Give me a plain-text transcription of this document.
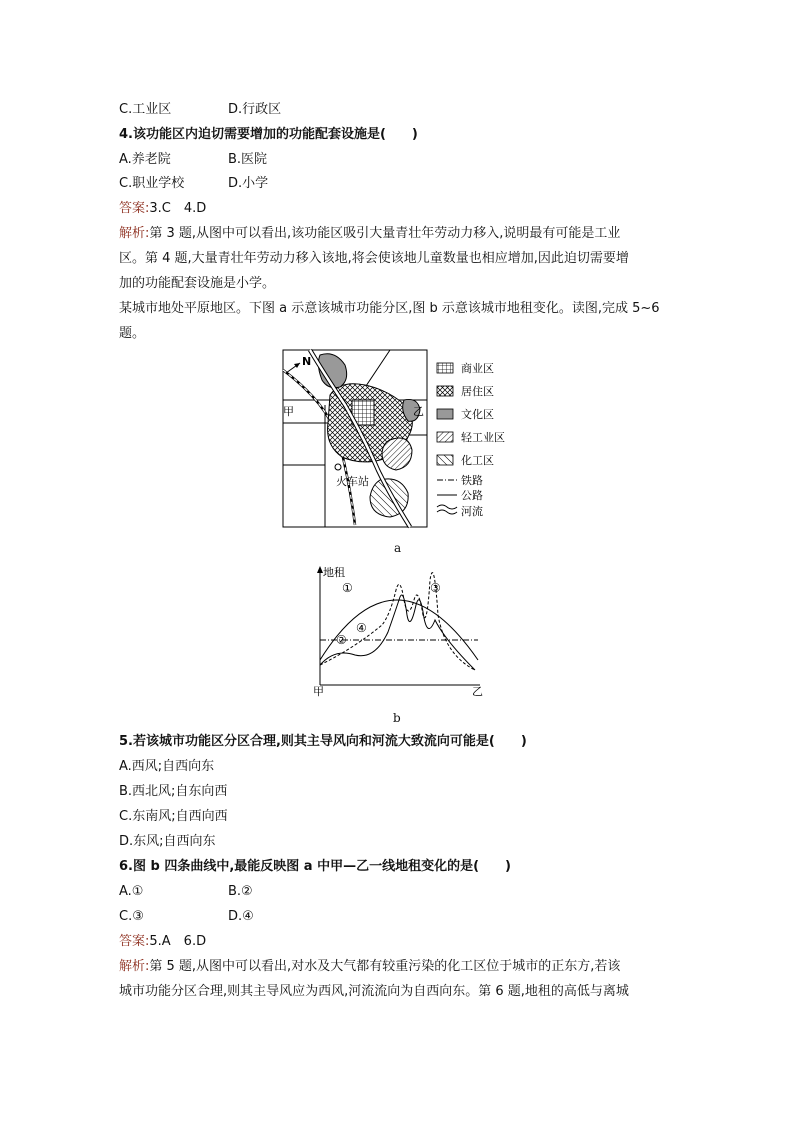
C.工业区	D.行政区
4.该功能区内迫切需要增加的功能配套设施是(　　)
A.养老院	B.医院
C.职业学校	D.小学
答案:3.C　4.D
解析:第 3 题,从图中可以看出,该功能区吸引大量青壮年劳动力移入,说明最有可能是工业
区。第 4 题,大量青壮年劳动力移入该地,将会使该地儿童数量也相应增加,因此迫切需要增
加的功能配套设施是小学。
某城市地处平原地区。下图 a 示意该城市功能分区,图 b 示意该城市地租变化。读图,完成 5~6
题。
N
甲	乙
火车站
商业区
居住区
文化区
轻工业区
化工区
铁路
公路
河流
a
地租
甲	乙
①
②
③
④
b
5.若该城市功能区分区合理,则其主导风向和河流大致流向可能是(　　)
A.西风;自西向东
B.西北风;自东向西
C.东南风;自西向西
D.东风;自西向东
6.图 b 四条曲线中,最能反映图 a 中甲—乙一线地租变化的是(　　)
A.①	B.②
C.③	D.④
答案:5.A　6.D
解析:第 5 题,从图中可以看出,对水及大气都有较重污染的化工区位于城市的正东方,若该
城市功能分区合理,则其主导风应为西风,河流流向为自西向东。第 6 题,地租的高低与离城
